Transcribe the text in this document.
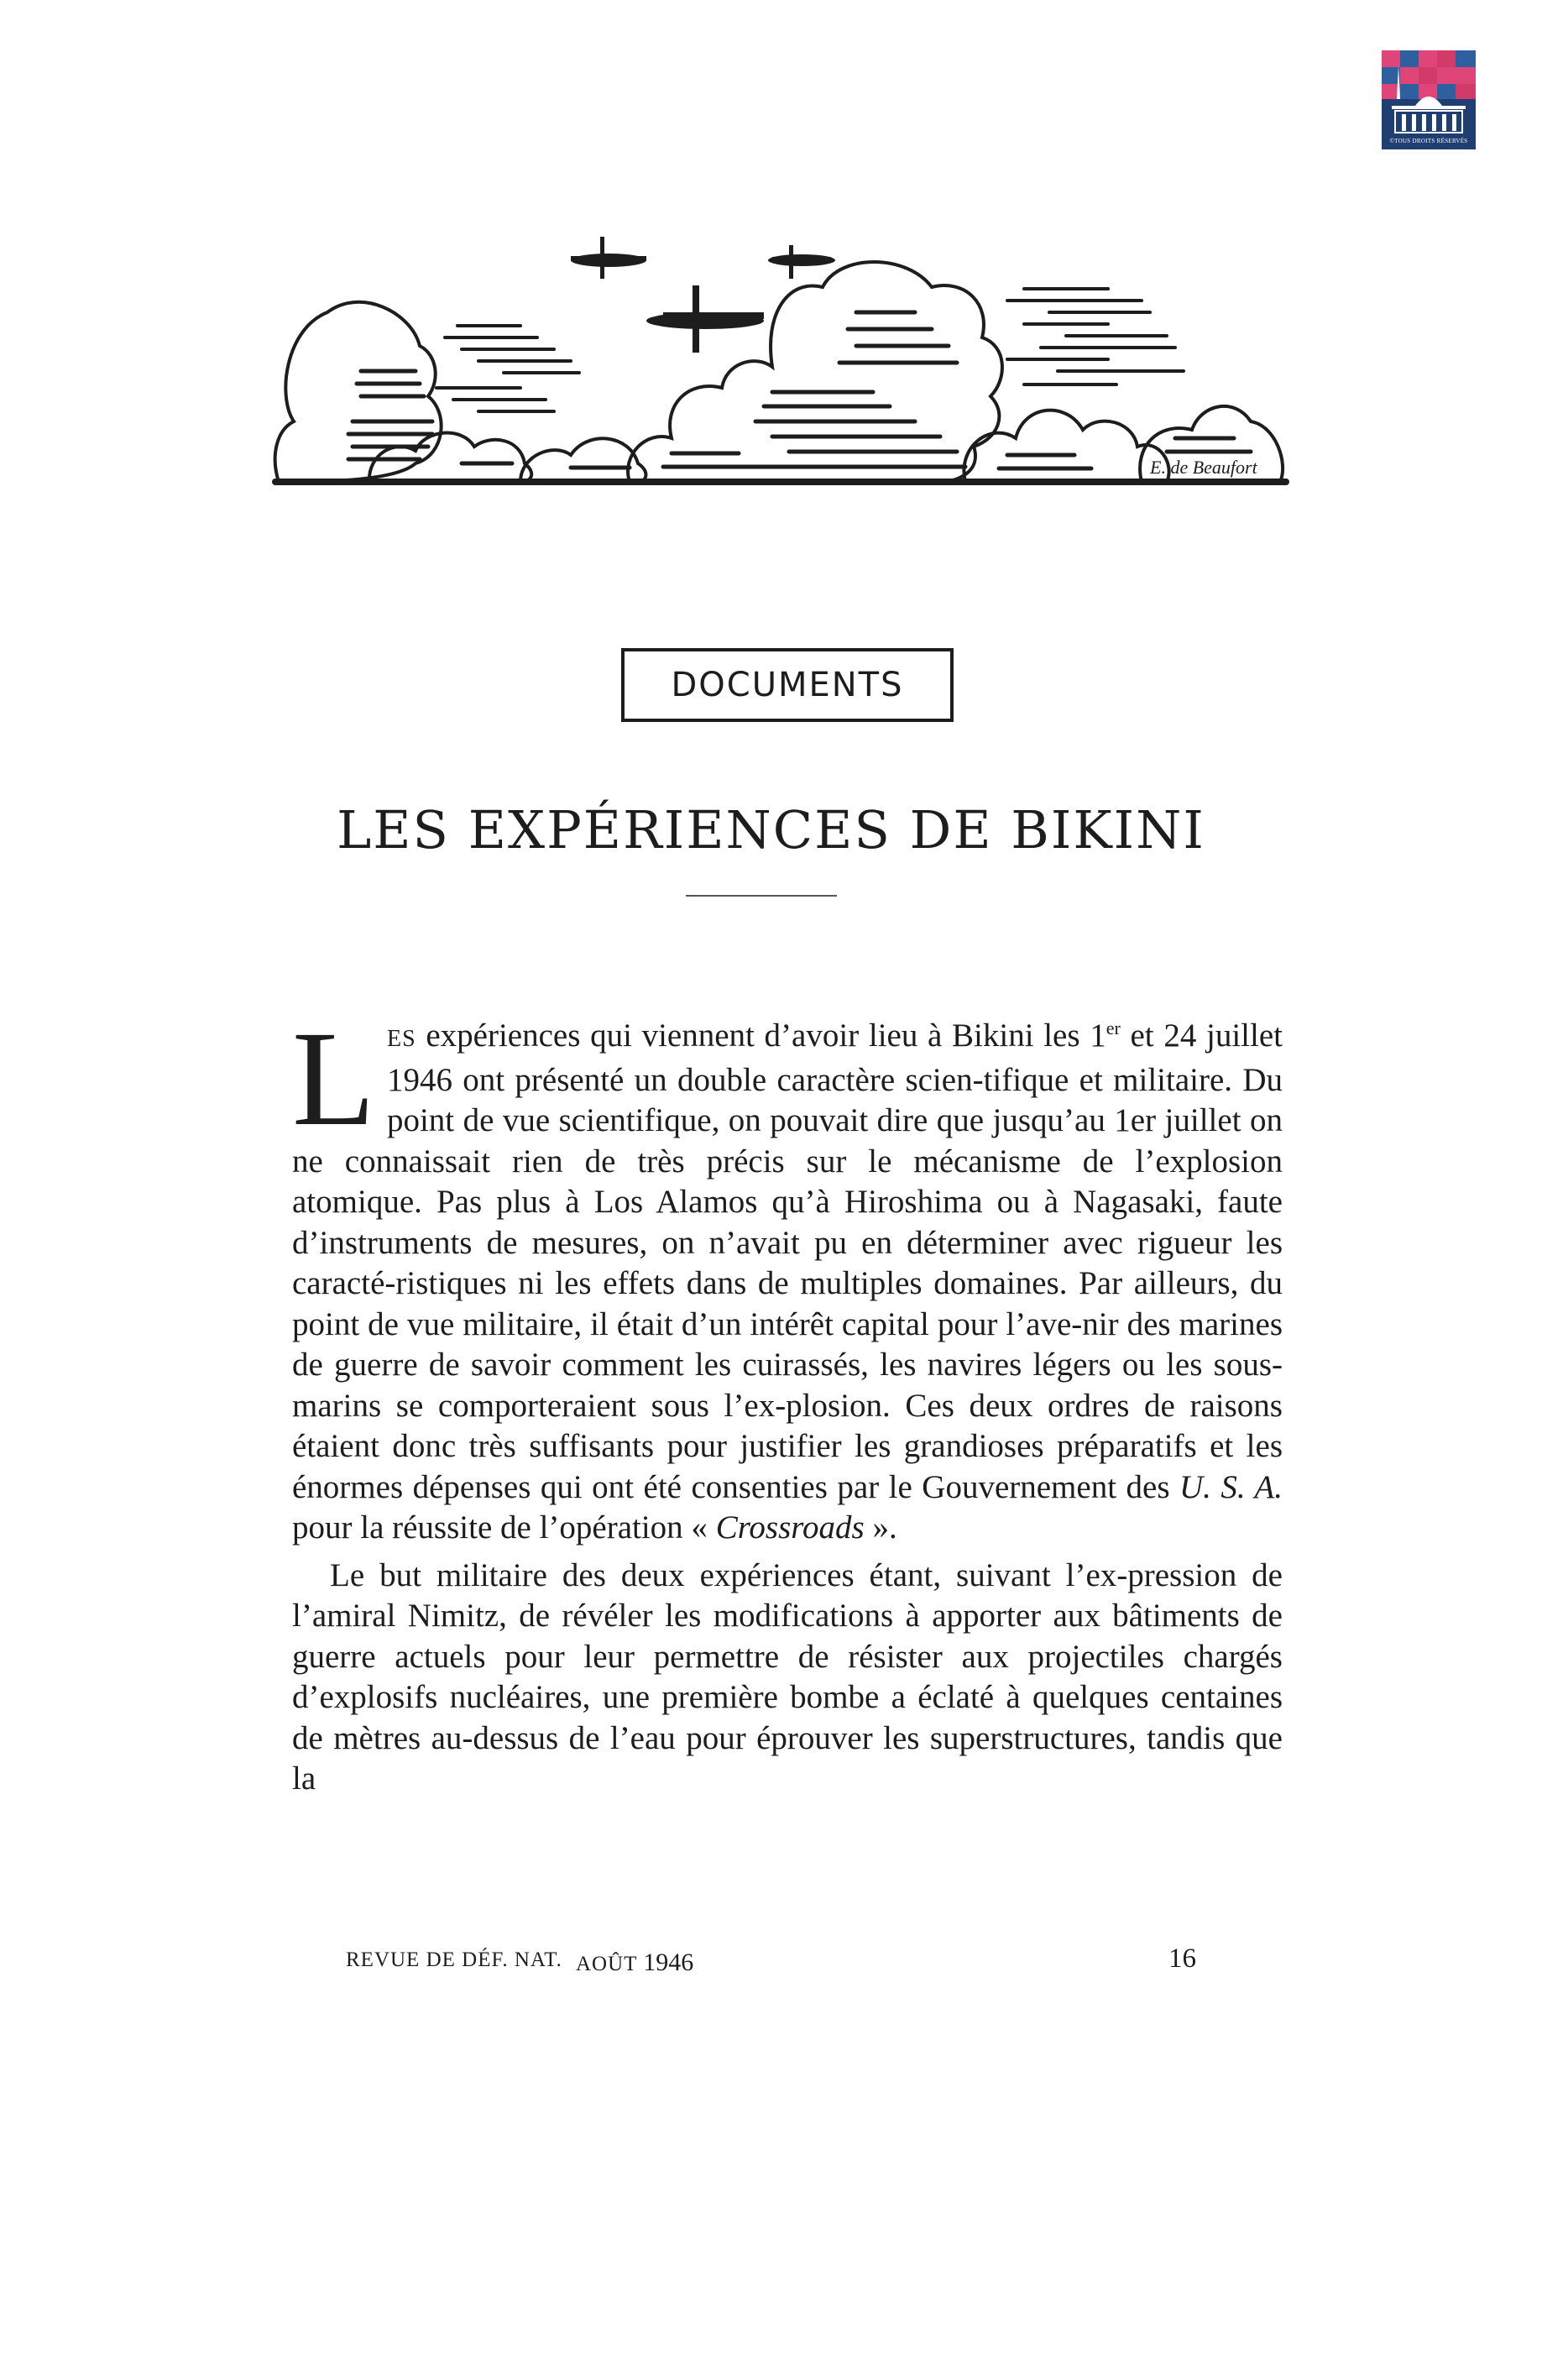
©TOUS DROITS RÉSERVÉS
E. de Beaufort
DOCUMENTS
LES EXPÉRIENCES DE BIKINI

LES expériences qui viennent d’avoir lieu à Bikini les 1er et 24 juillet 1946 ont présenté un double caractère scien-tifique et militaire. Du point de vue scientifique, on pouvait dire que jusqu’au 1er juillet on ne connaissait rien de très précis sur le mécanisme de l’explosion atomique. Pas plus à Los Alamos qu’à Hiroshima ou à Nagasaki, faute d’instruments de mesures, on n’avait pu en déterminer avec rigueur les caracté-ristiques ni les effets dans de multiples domaines. Par ailleurs, du point de vue militaire, il était d’un intérêt capital pour l’ave-nir des marines de guerre de savoir comment les cuirassés, les navires légers ou les sous-marins se comporteraient sous l’ex-plosion. Ces deux ordres de raisons étaient donc très suffisants pour justifier les grandioses préparatifs et les énormes dépenses qui ont été consenties par le Gouvernement des U. S. A. pour la réussite de l’opération « Crossroads ».

Le but militaire des deux expériences étant, suivant l’ex-pression de l’amiral Nimitz, de révéler les modifications à apporter aux bâtiments de guerre actuels pour leur permettre de résister aux projectiles chargés d’explosifs nucléaires, une première bombe a éclaté à quelques centaines de mètres au-dessus de l’eau pour éprouver les superstructures, tandis que la

REVUE DE DÉF. NAT. AOÛT 1946	16
